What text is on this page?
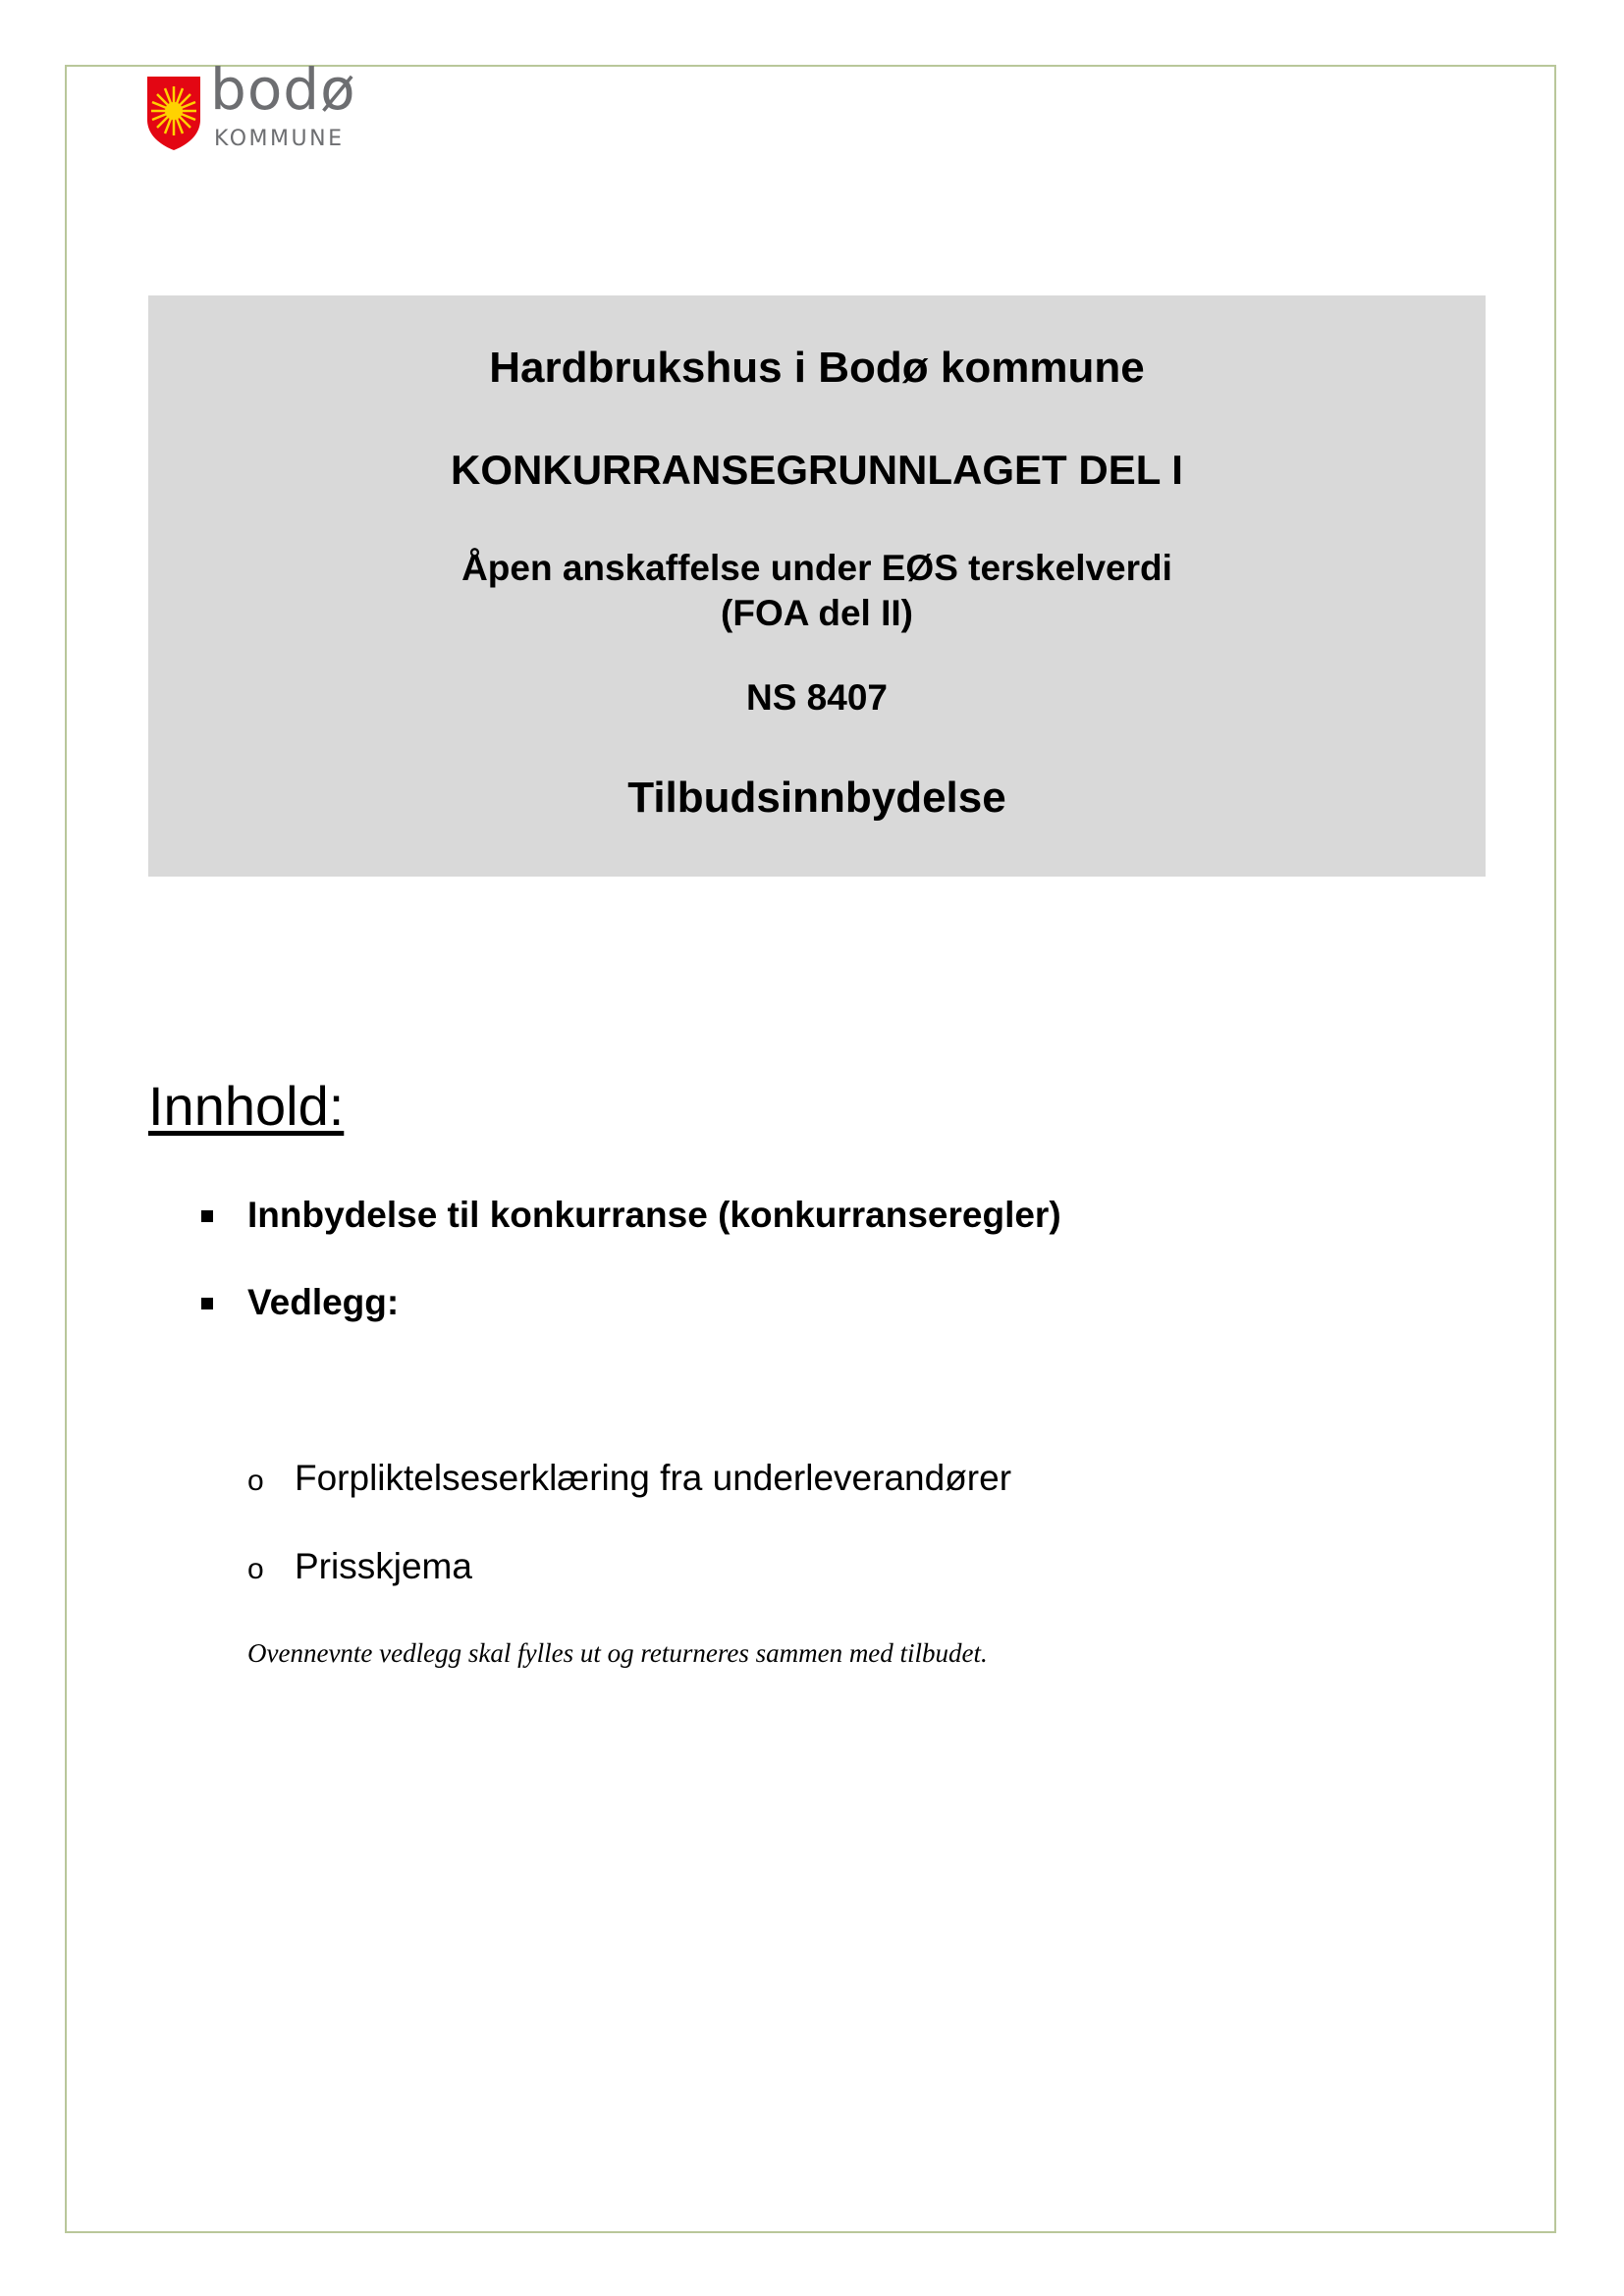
bodø
KOMMUNE
Hardbrukshus i Bodø kommune
KONKURRANSEGRUNNLAGET DEL I
Åpen anskaffelse under EØS terskelverdi
(FOA del II)
NS 8407
Tilbudsinnbydelse
Innhold:
Innbydelse til konkurranse (konkurranseregler)
Vedlegg:
o Forpliktelseserklæring fra underleverandører
o Prisskjema
Ovennevnte vedlegg skal fylles ut og returneres sammen med tilbudet.
